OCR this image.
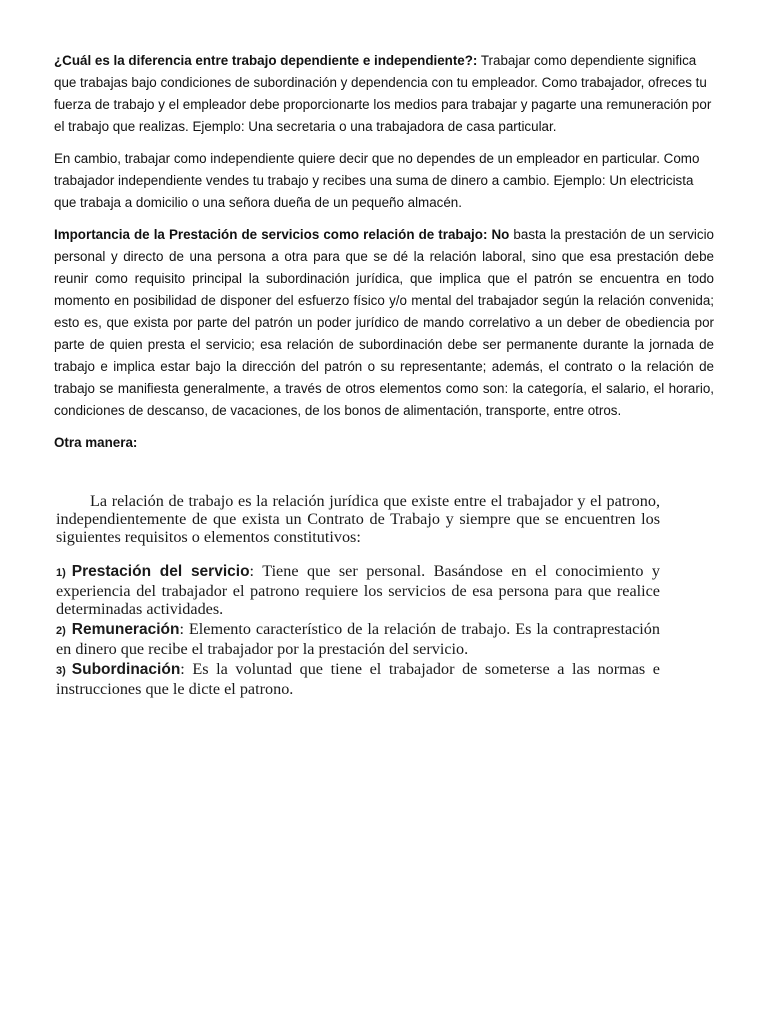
¿Cuál es la diferencia entre trabajo dependiente e independiente?: Trabajar como dependiente significa que trabajas bajo condiciones de subordinación y dependencia con tu empleador. Como trabajador, ofreces tu fuerza de trabajo y el empleador debe proporcionarte los medios para trabajar y pagarte una remuneración por el trabajo que realizas. Ejemplo: Una secretaria o una trabajadora de casa particular.

En cambio, trabajar como independiente quiere decir que no dependes de un empleador en particular. Como trabajador independiente vendes tu trabajo y recibes una suma de dinero a cambio. Ejemplo: Un electricista que trabaja a domicilio o una señora dueña de un pequeño almacén.

Importancia de la Prestación de servicios como relación de trabajo: No basta la prestación de un servicio personal y directo de una persona a otra para que se dé la relación laboral, sino que esa prestación debe reunir como requisito principal la subordinación jurídica, que implica que el patrón se encuentra en todo momento en posibilidad de disponer del esfuerzo físico y/o mental del trabajador según la relación convenida; esto es, que exista por parte del patrón un poder jurídico de mando correlativo a un deber de obediencia por parte de quien presta el servicio; esa relación de subordinación debe ser permanente durante la jornada de trabajo e implica estar bajo la dirección del patrón o su representante; además, el contrato o la relación de trabajo se manifiesta generalmente, a través de otros elementos como son: la categoría, el salario, el horario, condiciones de descanso, de vacaciones, de los bonos de alimentación, transporte, entre otros.

Otra manera:

La relación de trabajo es la relación jurídica que existe entre el trabajador y el patrono, independientemente de que exista un Contrato de Trabajo y siempre que se encuentren los siguientes requisitos o elementos constitutivos:

1) Prestación del servicio: Tiene que ser personal. Basándose en el conocimiento y experiencia del trabajador el patrono requiere los servicios de esa persona para que realice determinadas actividades.

2) Remuneración: Elemento característico de la relación de trabajo. Es la contraprestación en dinero que recibe el trabajador por la prestación del servicio.

3) Subordinación: Es la voluntad que tiene el trabajador de someterse a las normas e instrucciones que le dicte el patrono.
